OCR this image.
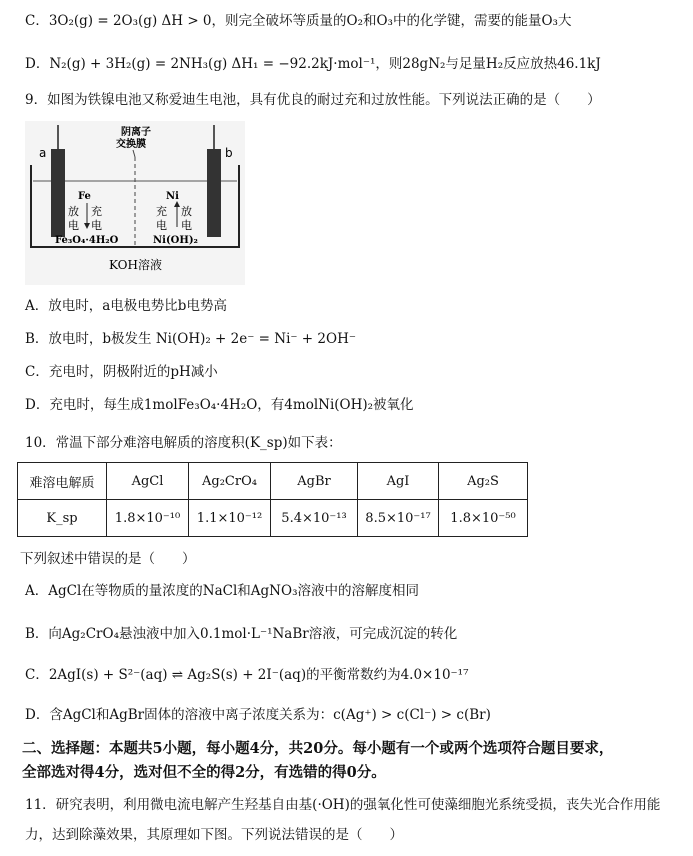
C．3O₂(g) = 2O₃(g) ΔH > 0，则完全破坏等质量的O₂和O₃中的化学键，需要的能量O₃大
D．N₂(g) + 3H₂(g) = 2NH₃(g) ΔH₁ = −92.2kJ·mol⁻¹，则28gN₂与足量H₂反应放热46.1kJ
9．如图为铁镍电池又称爱迪生电池，具有优良的耐过充和过放性能。下列说法正确的是（　　）
a	b
阴离子
交换膜
Fe	Ni
放
电
充
电
充
电
放
电
Fe₃O₄·4H₂O	Ni(OH)₂
KOH溶液
A．放电时，a电极电势比b电势高
B．放电时，b极发生 Ni(OH)₂ + 2e⁻ = Ni⁻ + 2OH⁻
C．充电时，阴极附近的pH减小
D．充电时，每生成1molFe₃O₄·4H₂O，有4molNi(OH)₂被氧化
10．常温下部分难溶电解质的溶度积(K_sp)如下表：
难溶电解质	AgCl	Ag₂CrO₄	AgBr	AgI	Ag₂S
K_sp	1.8×10⁻¹⁰	1.1×10⁻¹²	5.4×10⁻¹³	8.5×10⁻¹⁷	1.8×10⁻⁵⁰
下列叙述中错误的是（　　）
A．AgCl在等物质的量浓度的NaCl和AgNO₃溶液中的溶解度相同
B．向Ag₂CrO₄悬浊液中加入0.1mol·L⁻¹NaBr溶液，可完成沉淀的转化
C．2AgI(s) + S²⁻(aq) ⇌ Ag₂S(s) + 2I⁻(aq)的平衡常数约为4.0×10⁻¹⁷
D．含AgCl和AgBr固体的溶液中离子浓度关系为：c(Ag⁺) > c(Cl⁻) > c(Br)
二、选择题：本题共5小题，每小题4分，共20分。每小题有一个或两个选项符合题目要求，
全部选对得4分，选对但不全的得2分，有选错的得0分。
11．研究表明，利用微电流电解产生羟基自由基(·OH)的强氧化性可使藻细胞光系统受损，丧失光合作用能
力，达到除藻效果，其原理如下图。下列说法错误的是（　　）
